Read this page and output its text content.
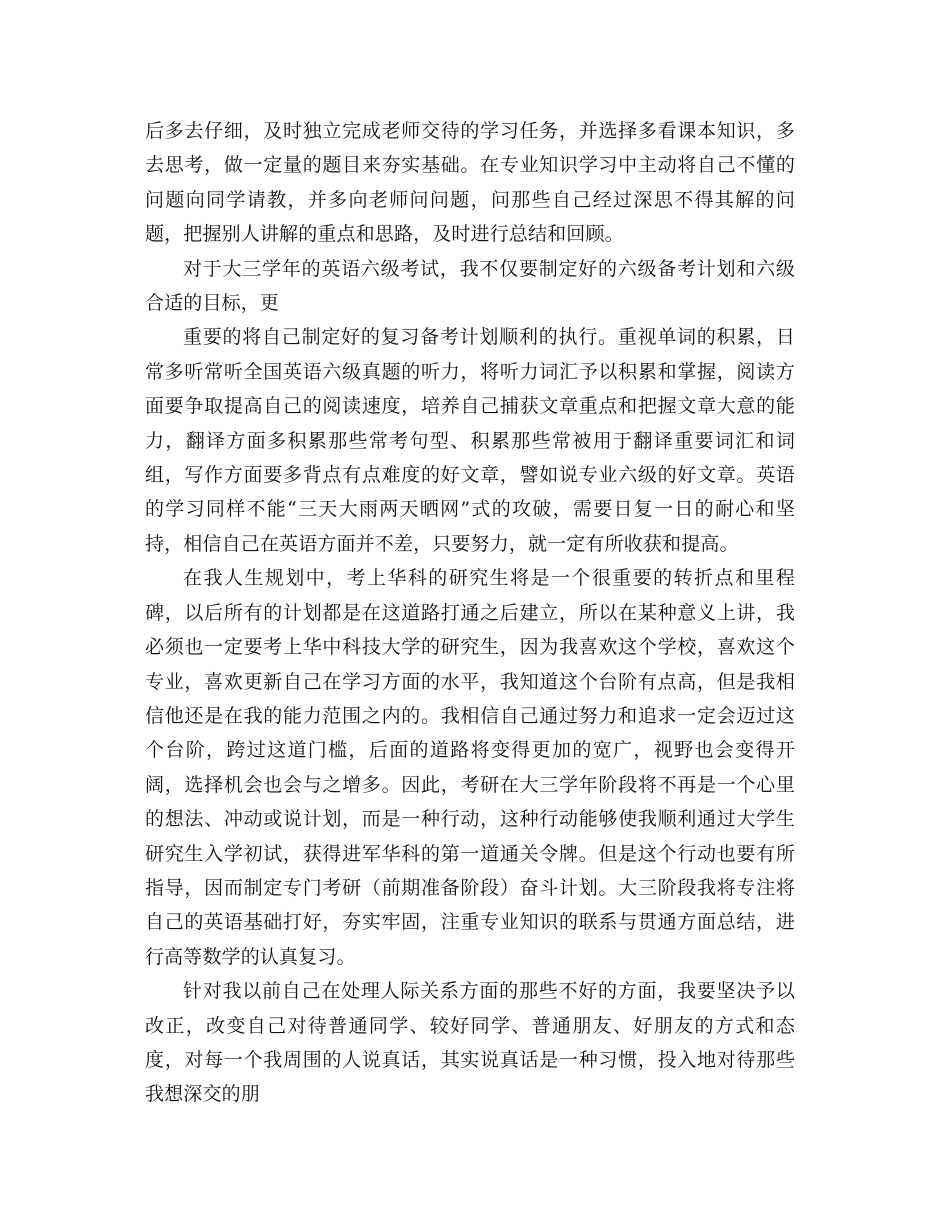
后多去仔细，及时独立完成老师交待的学习任务，并选择多看课本知识，多去思考，做一定量的题目来夯实基础。在专业知识学习中主动将自己不懂的问题向同学请教，并多向老师问问题，问那些自己经过深思不得其解的问题，把握别人讲解的重点和思路，及时进行总结和回顾。

对于大三学年的英语六级考试，我不仅要制定好的六级备考计划和六级合适的目标，更

重要的将自己制定好的复习备考计划顺利的执行。重视单词的积累，日常多听常听全国英语六级真题的听力，将听力词汇予以积累和掌握，阅读方面要争取提高自己的阅读速度，培养自己捕获文章重点和把握文章大意的能力，翻译方面多积累那些常考句型、积累那些常被用于翻译重要词汇和词组，写作方面要多背点有点难度的好文章，譬如说专业六级的好文章。英语的学习同样不能“三天大雨两天晒网”式的攻破，需要日复一日的耐心和坚持，相信自己在英语方面并不差，只要努力，就一定有所收获和提高。

在我人生规划中，考上华科的研究生将是一个很重要的转折点和里程碑，以后所有的计划都是在这道路打通之后建立，所以在某种意义上讲，我必须也一定要考上华中科技大学的研究生，因为我喜欢这个学校，喜欢这个专业，喜欢更新自己在学习方面的水平，我知道这个台阶有点高，但是我相信他还是在我的能力范围之内的。我相信自己通过努力和追求一定会迈过这个台阶，跨过这道门槛，后面的道路将变得更加的宽广，视野也会变得开阔，选择机会也会与之增多。因此，考研在大三学年阶段将不再是一个心里的想法、冲动或说计划，而是一种行动，这种行动能够使我顺利通过大学生研究生入学初试，获得进军华科的第一道通关令牌。但是这个行动也要有所指导，因而制定专门考研（前期准备阶段）奋斗计划。大三阶段我将专注将自己的英语基础打好，夯实牢固，注重专业知识的联系与贯通方面总结，进行高等数学的认真复习。

针对我以前自己在处理人际关系方面的那些不好的方面，我要坚决予以改正，改变自己对待普通同学、较好同学、普通朋友、好朋友的方式和态度，对每一个我周围的人说真话，其实说真话是一种习惯，投入地对待那些我想深交的朋
